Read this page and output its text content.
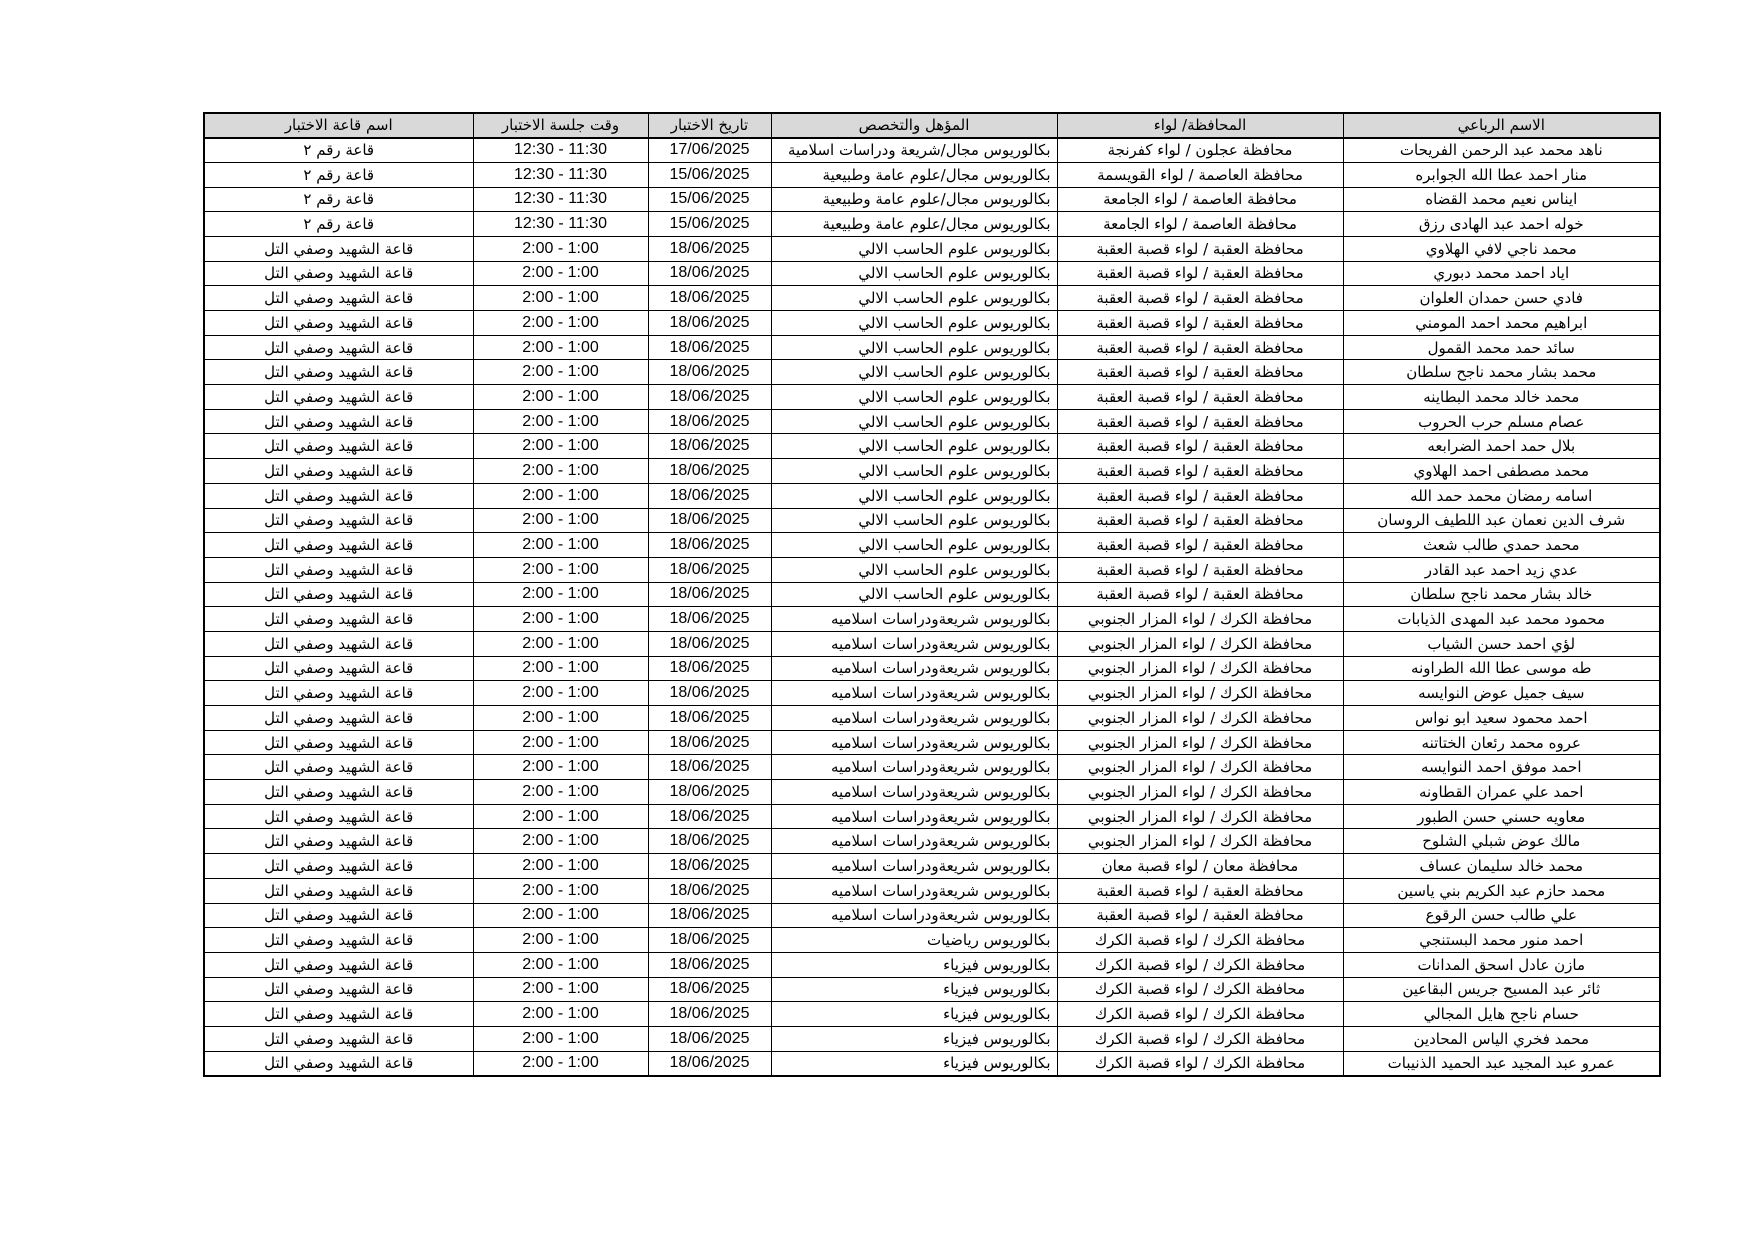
الاسم الرباعي	المحافظة/ لواء	المؤهل والتخصص	تاريخ الاختبار	وقت جلسة الاختبار	اسم قاعة الاختبار
ناهد محمد عبد الرحمن الفريحات	محافظة عجلون / لواء كفرنجة	بكالوريوس مجال/شريعة ودراسات اسلامية	17/06/2025	11:30 - 12:30	قاعة رقم ٢
منار احمد عطا الله الجوابره	محافظة العاصمة / لواء القويسمة	بكالوريوس مجال/علوم عامة وطبيعية	15/06/2025	11:30 - 12:30	قاعة رقم ٢
ايناس نعيم محمد القضاه	محافظة العاصمة / لواء الجامعة	بكالوريوس مجال/علوم عامة وطبيعية	15/06/2025	11:30 - 12:30	قاعة رقم ٢
خوله احمد عبد الهادى رزق	محافظة العاصمة / لواء الجامعة	بكالوريوس مجال/علوم عامة وطبيعية	15/06/2025	11:30 - 12:30	قاعة رقم ٢
محمد ناجي لافي الهلاوي	محافظة العقبة / لواء قصبة العقبة	بكالوريوس علوم الحاسب الالي	18/06/2025	1:00 - 2:00	قاعة الشهيد وصفي التل
اياد احمد محمد دبوري	محافظة العقبة / لواء قصبة العقبة	بكالوريوس علوم الحاسب الالي	18/06/2025	1:00 - 2:00	قاعة الشهيد وصفي التل
فادي حسن حمدان العلوان	محافظة العقبة / لواء قصبة العقبة	بكالوريوس علوم الحاسب الالي	18/06/2025	1:00 - 2:00	قاعة الشهيد وصفي التل
ابراهيم محمد احمد المومني	محافظة العقبة / لواء قصبة العقبة	بكالوريوس علوم الحاسب الالي	18/06/2025	1:00 - 2:00	قاعة الشهيد وصفي التل
سائد حمد محمد القمول	محافظة العقبة / لواء قصبة العقبة	بكالوريوس علوم الحاسب الالي	18/06/2025	1:00 - 2:00	قاعة الشهيد وصفي التل
محمد بشار محمد ناجح سلطان	محافظة العقبة / لواء قصبة العقبة	بكالوريوس علوم الحاسب الالي	18/06/2025	1:00 - 2:00	قاعة الشهيد وصفي التل
محمد خالد محمد البطاينه	محافظة العقبة / لواء قصبة العقبة	بكالوريوس علوم الحاسب الالي	18/06/2025	1:00 - 2:00	قاعة الشهيد وصفي التل
عصام مسلم حرب الحروب	محافظة العقبة / لواء قصبة العقبة	بكالوريوس علوم الحاسب الالي	18/06/2025	1:00 - 2:00	قاعة الشهيد وصفي التل
بلال حمد احمد الضرابعه	محافظة العقبة / لواء قصبة العقبة	بكالوريوس علوم الحاسب الالي	18/06/2025	1:00 - 2:00	قاعة الشهيد وصفي التل
محمد مصطفى احمد الهلاوي	محافظة العقبة / لواء قصبة العقبة	بكالوريوس علوم الحاسب الالي	18/06/2025	1:00 - 2:00	قاعة الشهيد وصفي التل
اسامه رمضان محمد حمد الله	محافظة العقبة / لواء قصبة العقبة	بكالوريوس علوم الحاسب الالي	18/06/2025	1:00 - 2:00	قاعة الشهيد وصفي التل
شرف الدين نعمان عبد اللطيف الروسان	محافظة العقبة / لواء قصبة العقبة	بكالوريوس علوم الحاسب الالي	18/06/2025	1:00 - 2:00	قاعة الشهيد وصفي التل
محمد حمدي طالب شعث	محافظة العقبة / لواء قصبة العقبة	بكالوريوس علوم الحاسب الالي	18/06/2025	1:00 - 2:00	قاعة الشهيد وصفي التل
عدي زيد احمد عبد القادر	محافظة العقبة / لواء قصبة العقبة	بكالوريوس علوم الحاسب الالي	18/06/2025	1:00 - 2:00	قاعة الشهيد وصفي التل
خالد بشار محمد ناجح سلطان	محافظة العقبة / لواء قصبة العقبة	بكالوريوس علوم الحاسب الالي	18/06/2025	1:00 - 2:00	قاعة الشهيد وصفي التل
محمود محمد عبد المهدى الذيابات	محافظة الكرك / لواء المزار الجنوبي	بكالوريوس شريعةودراسات اسلاميه	18/06/2025	1:00 - 2:00	قاعة الشهيد وصفي التل
لؤي احمد حسن الشياب	محافظة الكرك / لواء المزار الجنوبي	بكالوريوس شريعةودراسات اسلاميه	18/06/2025	1:00 - 2:00	قاعة الشهيد وصفي التل
طه موسى عطا الله الطراونه	محافظة الكرك / لواء المزار الجنوبي	بكالوريوس شريعةودراسات اسلاميه	18/06/2025	1:00 - 2:00	قاعة الشهيد وصفي التل
سيف جميل عوض النوايسه	محافظة الكرك / لواء المزار الجنوبي	بكالوريوس شريعةودراسات اسلاميه	18/06/2025	1:00 - 2:00	قاعة الشهيد وصفي التل
احمد محمود سعيد ابو نواس	محافظة الكرك / لواء المزار الجنوبي	بكالوريوس شريعةودراسات اسلاميه	18/06/2025	1:00 - 2:00	قاعة الشهيد وصفي التل
عروه محمد رئعان الختاتنه	محافظة الكرك / لواء المزار الجنوبي	بكالوريوس شريعةودراسات اسلاميه	18/06/2025	1:00 - 2:00	قاعة الشهيد وصفي التل
احمد موفق احمد النوايسه	محافظة الكرك / لواء المزار الجنوبي	بكالوريوس شريعةودراسات اسلاميه	18/06/2025	1:00 - 2:00	قاعة الشهيد وصفي التل
احمد علي عمران القطاونه	محافظة الكرك / لواء المزار الجنوبي	بكالوريوس شريعةودراسات اسلاميه	18/06/2025	1:00 - 2:00	قاعة الشهيد وصفي التل
معاويه حسني حسن الطبور	محافظة الكرك / لواء المزار الجنوبي	بكالوريوس شريعةودراسات اسلاميه	18/06/2025	1:00 - 2:00	قاعة الشهيد وصفي التل
مالك عوض شبلي الشلوح	محافظة الكرك / لواء المزار الجنوبي	بكالوريوس شريعةودراسات اسلاميه	18/06/2025	1:00 - 2:00	قاعة الشهيد وصفي التل
محمد خالد سليمان عساف	محافظة معان / لواء قصبة معان	بكالوريوس شريعةودراسات اسلاميه	18/06/2025	1:00 - 2:00	قاعة الشهيد وصفي التل
محمد حازم عبد الكريم بني ياسين	محافظة العقبة / لواء قصبة العقبة	بكالوريوس شريعةودراسات اسلاميه	18/06/2025	1:00 - 2:00	قاعة الشهيد وصفي التل
علي طالب حسن الرقوع	محافظة العقبة / لواء قصبة العقبة	بكالوريوس شريعةودراسات اسلاميه	18/06/2025	1:00 - 2:00	قاعة الشهيد وصفي التل
احمد منور محمد البستنجي	محافظة الكرك / لواء قصبة الكرك	بكالوريوس رياضيات	18/06/2025	1:00 - 2:00	قاعة الشهيد وصفي التل
مازن عادل اسحق المدانات	محافظة الكرك / لواء قصبة الكرك	بكالوريوس فيزياء	18/06/2025	1:00 - 2:00	قاعة الشهيد وصفي التل
ثائر عبد المسيح جريس البقاعين	محافظة الكرك / لواء قصبة الكرك	بكالوريوس فيزياء	18/06/2025	1:00 - 2:00	قاعة الشهيد وصفي التل
حسام ناجح هايل المجالي	محافظة الكرك / لواء قصبة الكرك	بكالوريوس فيزياء	18/06/2025	1:00 - 2:00	قاعة الشهيد وصفي التل
محمد فخري الياس المحادين	محافظة الكرك / لواء قصبة الكرك	بكالوريوس فيزياء	18/06/2025	1:00 - 2:00	قاعة الشهيد وصفي التل
عمرو عبد المجيد عبد الحميد الذنيبات	محافظة الكرك / لواء قصبة الكرك	بكالوريوس فيزياء	18/06/2025	1:00 - 2:00	قاعة الشهيد وصفي التل
